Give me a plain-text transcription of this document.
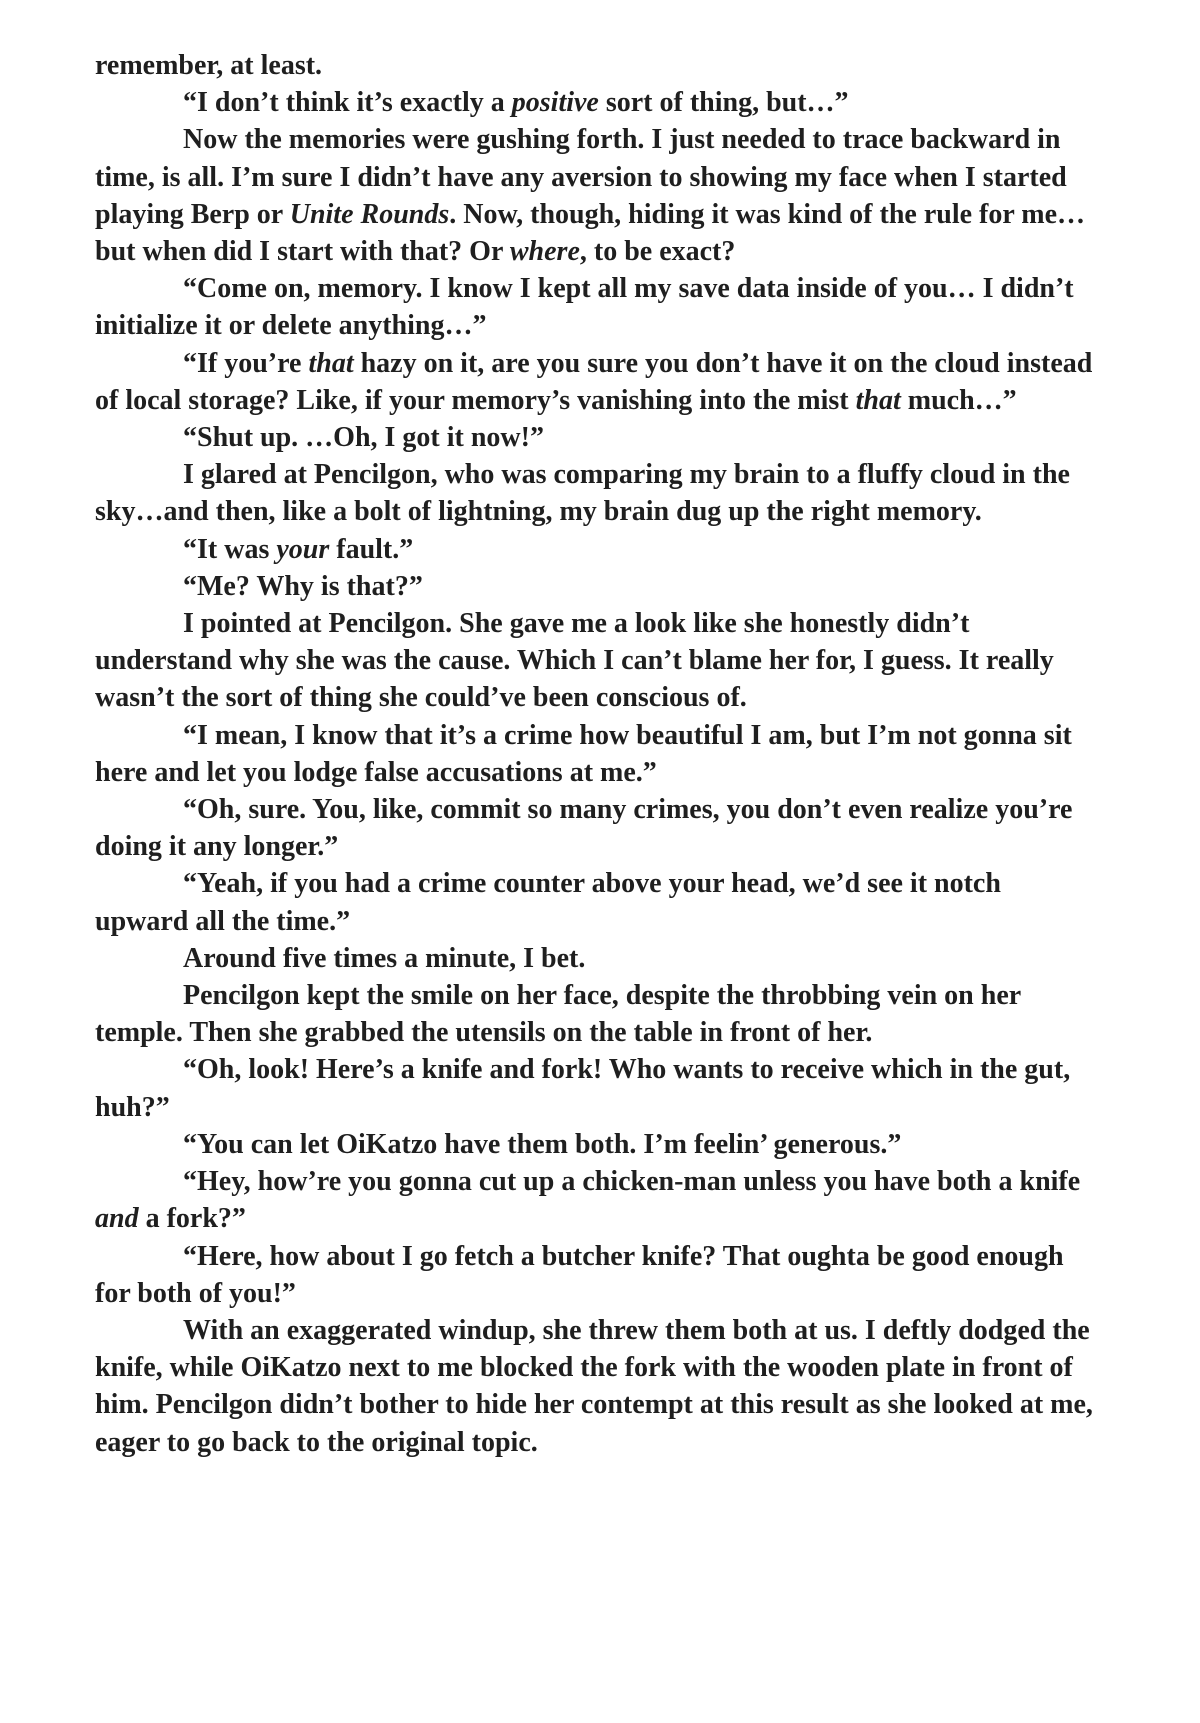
remember, at least.

“I don’t think it’s exactly a positive sort of thing, but…”

Now the memories were gushing forth. I just needed to trace backward in time, is all. I’m sure I didn’t have any aversion to showing my face when I started playing Berp or Unite Rounds. Now, though, hiding it was kind of the rule for me…but when did I start with that? Or where, to be exact?

“Come on, memory. I know I kept all my save data inside of you… I didn’t initialize it or delete anything…”

“If you’re that hazy on it, are you sure you don’t have it on the cloud instead of local storage? Like, if your memory’s vanishing into the mist that much…”

“Shut up. …Oh, I got it now!”

I glared at Pencilgon, who was comparing my brain to a fluffy cloud in the sky…and then, like a bolt of lightning, my brain dug up the right memory.

“It was your fault.”

“Me? Why is that?”

I pointed at Pencilgon. She gave me a look like she honestly didn’t understand why she was the cause. Which I can’t blame her for, I guess. It really wasn’t the sort of thing she could’ve been conscious of.

“I mean, I know that it’s a crime how beautiful I am, but I’m not gonna sit here and let you lodge false accusations at me.”

“Oh, sure. You, like, commit so many crimes, you don’t even realize you’re doing it any longer.”

“Yeah, if you had a crime counter above your head, we’d see it notch upward all the time.”

Around five times a minute, I bet.

Pencilgon kept the smile on her face, despite the throbbing vein on her temple. Then she grabbed the utensils on the table in front of her.

“Oh, look! Here’s a knife and fork! Who wants to receive which in the gut, huh?”

“You can let OiKatzo have them both. I’m feelin’ generous.”

“Hey, how’re you gonna cut up a chicken-man unless you have both a knife and a fork?”

“Here, how about I go fetch a butcher knife? That oughta be good enough for both of you!”

With an exaggerated windup, she threw them both at us. I deftly dodged the knife, while OiKatzo next to me blocked the fork with the wooden plate in front of him. Pencilgon didn’t bother to hide her contempt at this result as she looked at me, eager to go back to the original topic.
